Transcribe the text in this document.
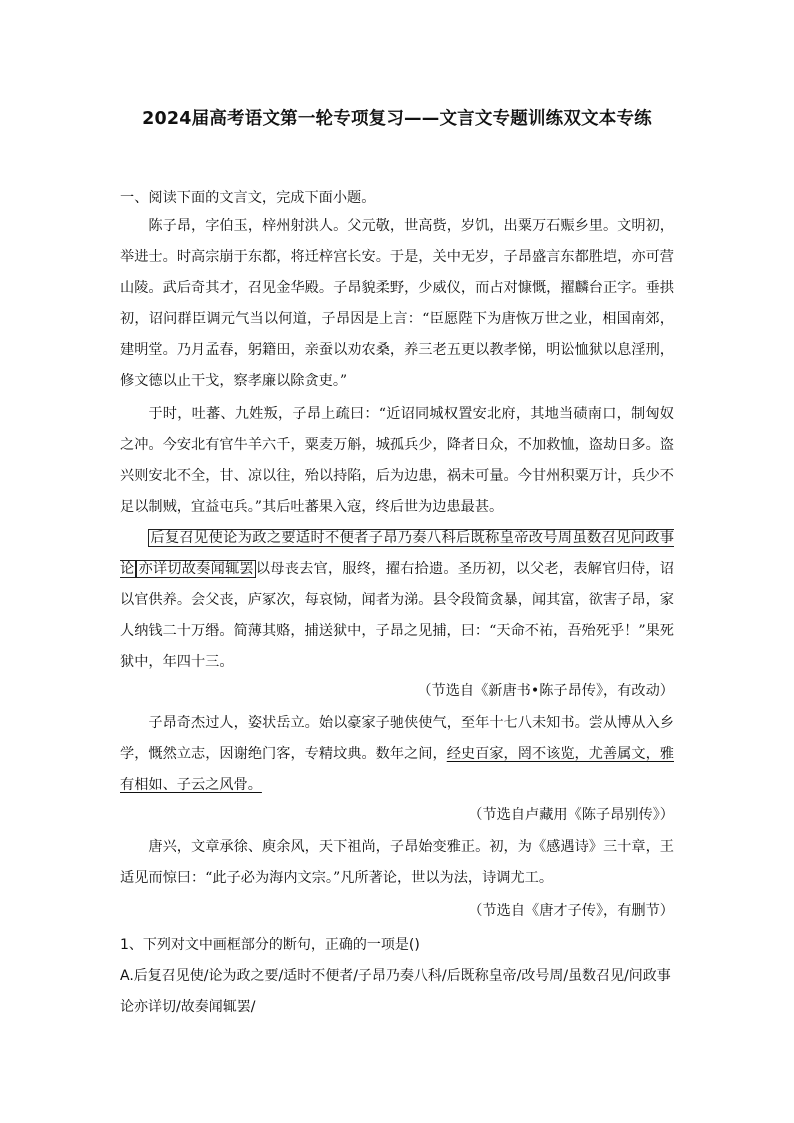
2024届高考语文第一轮专项复习——文言文专题训练双文本专练
一、阅读下面的文言文，完成下面小题。

陈子昂，字伯玉，梓州射洪人。父元敬，世高赀，岁饥，出粟万石赈乡里。文明初，举进士。时高宗崩于东都，将迁梓宫长安。于是，关中无岁，子昂盛言东都胜垲，亦可营山陵。武后奇其才，召见金华殿。子昂貌柔野，少威仪，而占对慷慨，擢麟台正字。垂拱初，诏问群臣调元气当以何道，子昂因是上言：“臣愿陛下为唐恢万世之业，相国南郊，建明堂。乃月孟春，躬籍田，亲蚕以劝农桑，养三老五更以教孝悌，明讼恤狱以息淫刑，修文德以止干戈，察孝廉以除贪吏。”

于时，吐蕃、九姓叛，子昂上疏曰：“近诏同城权置安北府，其地当碛南口，制匈奴之冲。今安北有官牛羊六千，粟麦万斛，城孤兵少，降者日众，不加救恤，盗劫日多。盗兴则安北不全，甘、凉以往，殆以持陷，后为边患，祸未可量。今甘州积粟万计，兵少不足以制贼，宜益屯兵。”其后吐蕃果入寇，终后世为边患最甚。

后复召见使论为政之要适时不便者子昂乃奏八科后既称皇帝改号周虽数召见问政事论 亦详切故奏闻辄罢 以母丧去官，服终，擢右拾遗。圣历初，以父老，表解官归侍，诏以官供养。会父丧，庐冢次，每哀恸，闻者为涕。县令段简贪暴，闻其富，欲害子昂，家人纳钱二十万缗。简薄其赂，捕送狱中，子昂之见捕，曰：“天命不祐，吾殆死乎！”果死狱中，年四十三。

（节选自《新唐书•陈子昂传》，有改动）

子昂奇杰过人，姿状岳立。始以豪家子驰侠使气，至年十七八未知书。尝从博从入乡学，慨然立志，因谢绝门客，专精坟典。数年之间，经史百家，罔不该览，尤善属文，雅有相如、子云之风骨。

（节选自卢藏用《陈子昂别传》）

唐兴，文章承徐、庾余风，天下祖尚，子昂始变雅正。初，为《感遇诗》三十章，王适见而惊曰：“此子必为海内文宗。”凡所著论，世以为法，诗调尤工。

（节选自《唐才子传》，有删节）
1、下列对文中画框部分的断句，正确的一项是()
A.后复召见使/论为政之要/适时不便者/子昂乃奏八科/后既称皇帝/改号周/虽数召见/问政事论亦详切/故奏闻辄罢/
